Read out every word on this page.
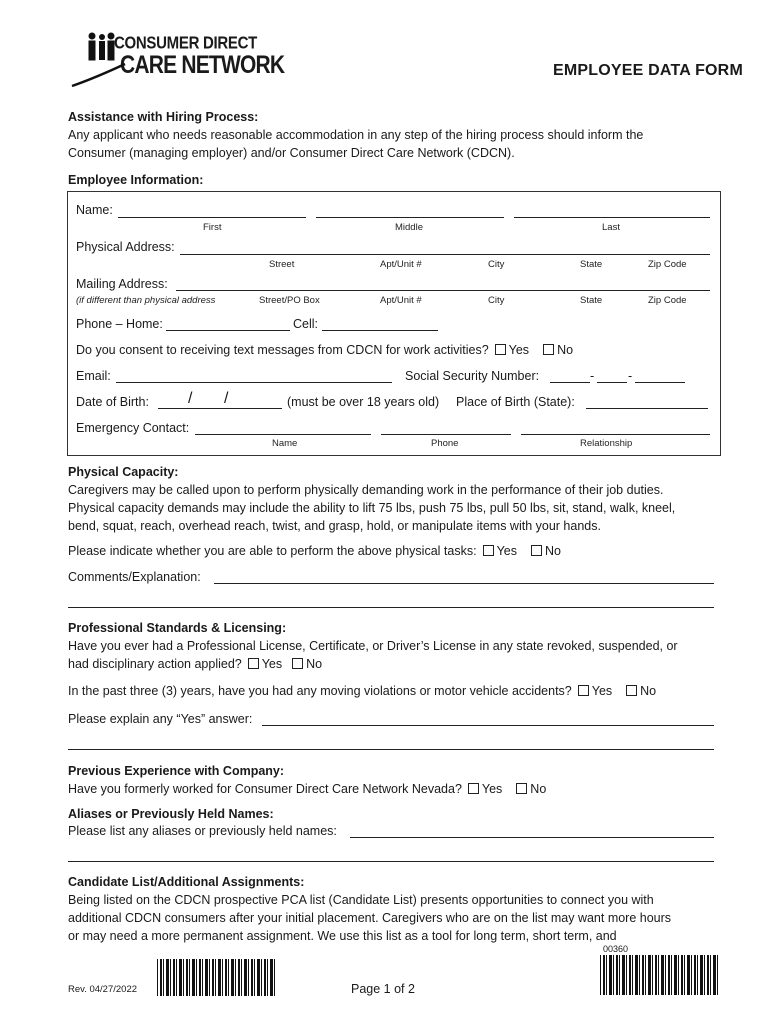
CONSUMER DIRECT
CARE NETWORK	EMPLOYEE DATA FORM
Assistance with Hiring Process:
Any applicant who needs reasonable accommodation in any step of the hiring process should inform the
Consumer (managing employer) and/or Consumer Direct Care Network (CDCN).
Employee Information:
Name:
First	Middle	Last
Physical Address:
Street	Apt/Unit #	City	State	Zip Code
Mailing Address:
(if different than physical address	Street/PO Box	Apt/Unit #	City	State	Zip Code
Phone – Home:	Cell:
Do you consent to receiving text messages from CDCN for work activities? Yes No
Email:	Social Security Number:	-	-
Date of Birth: / /	(must be over 18 years old) Place of Birth (State):
Emergency Contact:
Name	Phone	Relationship
Physical Capacity:
Caregivers may be called upon to perform physically demanding work in the performance of their job duties.
Physical capacity demands may include the ability to lift 75 lbs, push 75 lbs, pull 50 lbs, sit, stand, walk, kneel,
bend, squat, reach, overhead reach, twist, and grasp, hold, or manipulate items with your hands.
Please indicate whether you are able to perform the above physical tasks: Yes No
Comments/Explanation:
Professional Standards & Licensing:
Have you ever had a Professional License, Certificate, or Driver’s License in any state revoked, suspended, or
had disciplinary action applied? Yes No
In the past three (3) years, have you had any moving violations or motor vehicle accidents? Yes No
Please explain any “Yes” answer:
Previous Experience with Company:
Have you formerly worked for Consumer Direct Care Network Nevada? Yes No
Aliases or Previously Held Names:
Please list any aliases or previously held names:
Candidate List/Additional Assignments:
Being listed on the CDCN prospective PCA list (Candidate List) presents opportunities to connect you with
additional CDCN consumers after your initial placement. Caregivers who are on the list may want more hours
or may need a more permanent assignment. We use this list as a tool for long term, short term, and
00360
Rev. 04/27/2022	Page 1 of 2
